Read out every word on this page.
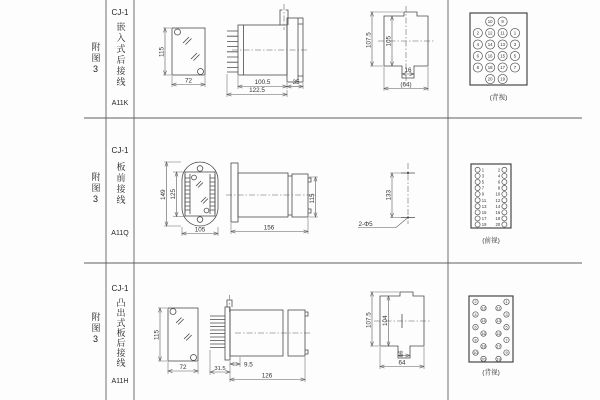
115
72	100.5	35
122.5
107.5 105
16
(64)
10 9
2 12 11 1
4 14 13 3
6 16 15 5
8 18 17 7
20 19
(背视)
149 125
105
115
156
133
2-Φ5
1
3
5
7
9
11
13
15
17
19
2
4
6
8
10
12
14
16
18
20
(前视)
115
72	9.5
31.5
126
107.5 104
16
64
2
12
4
14
6
16
8
18
10
20
1
11
3
13
5
15
7
17
9
19
(背视)
附图3
CJ-1
嵌入式后接线
A11K
附图3
CJ-1
板前接线
A11Q
附图3
CJ-1
凸出式板后接线
A11H
